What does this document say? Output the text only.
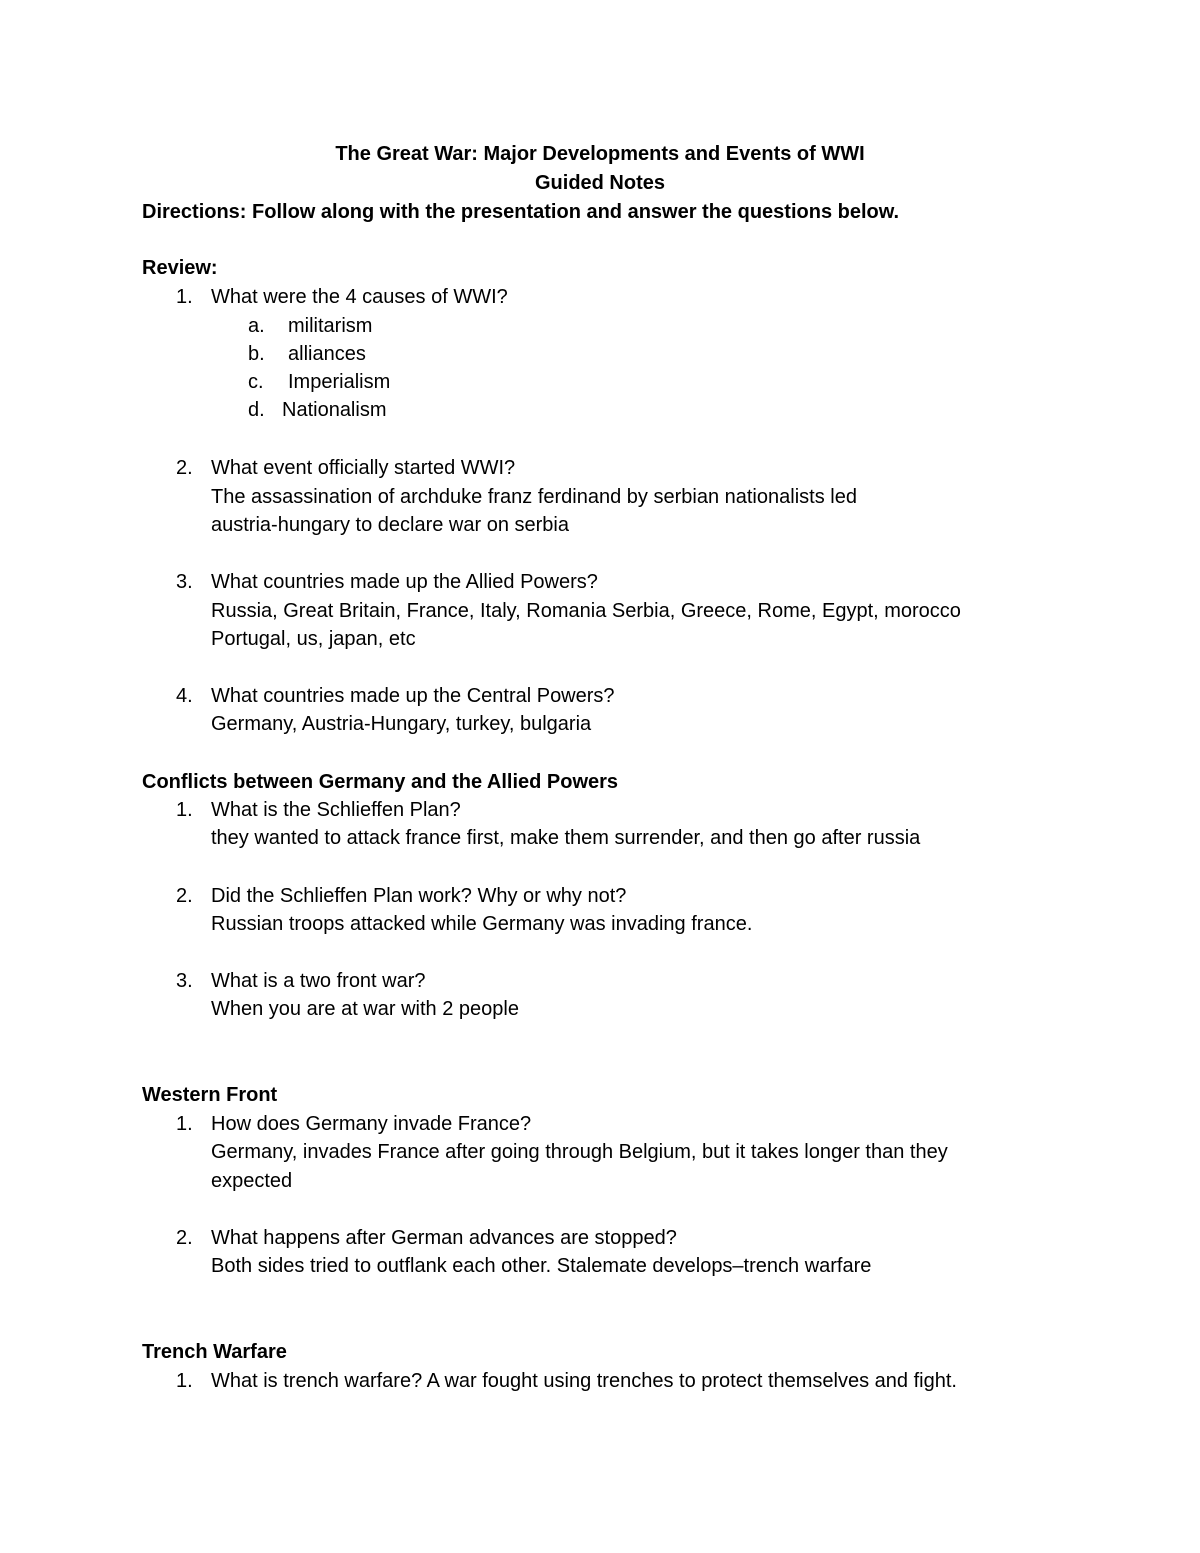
The Great War: Major Developments and Events of WWI
Guided Notes
Directions: Follow along with the presentation and answer the questions below.
Review:
1. What were the 4 causes of WWI?
a. militarism
b. alliances
c. Imperialism
d. Nationalism
2. What event officially started WWI?
The assassination of archduke franz ferdinand by serbian nationalists led
austria-hungary to declare war on serbia
3. What countries made up the Allied Powers?
Russia, Great Britain, France, Italy, Romania Serbia, Greece, Rome, Egypt, morocco
Portugal, us, japan, etc
4. What countries made up the Central Powers?
Germany, Austria-Hungary, turkey, bulgaria
Conflicts between Germany and the Allied Powers
1. What is the Schlieffen Plan?
they wanted to attack france first, make them surrender, and then go after russia
2. Did the Schlieffen Plan work? Why or why not?
Russian troops attacked while Germany was invading france.
3. What is a two front war?
When you are at war with 2 people
Western Front
1. How does Germany invade France?
Germany, invades France after going through Belgium, but it takes longer than they
expected
2. What happens after German advances are stopped?
Both sides tried to outflank each other. Stalemate develops–trench warfare
Trench Warfare
1. What is trench warfare? A war fought using trenches to protect themselves and fight.
